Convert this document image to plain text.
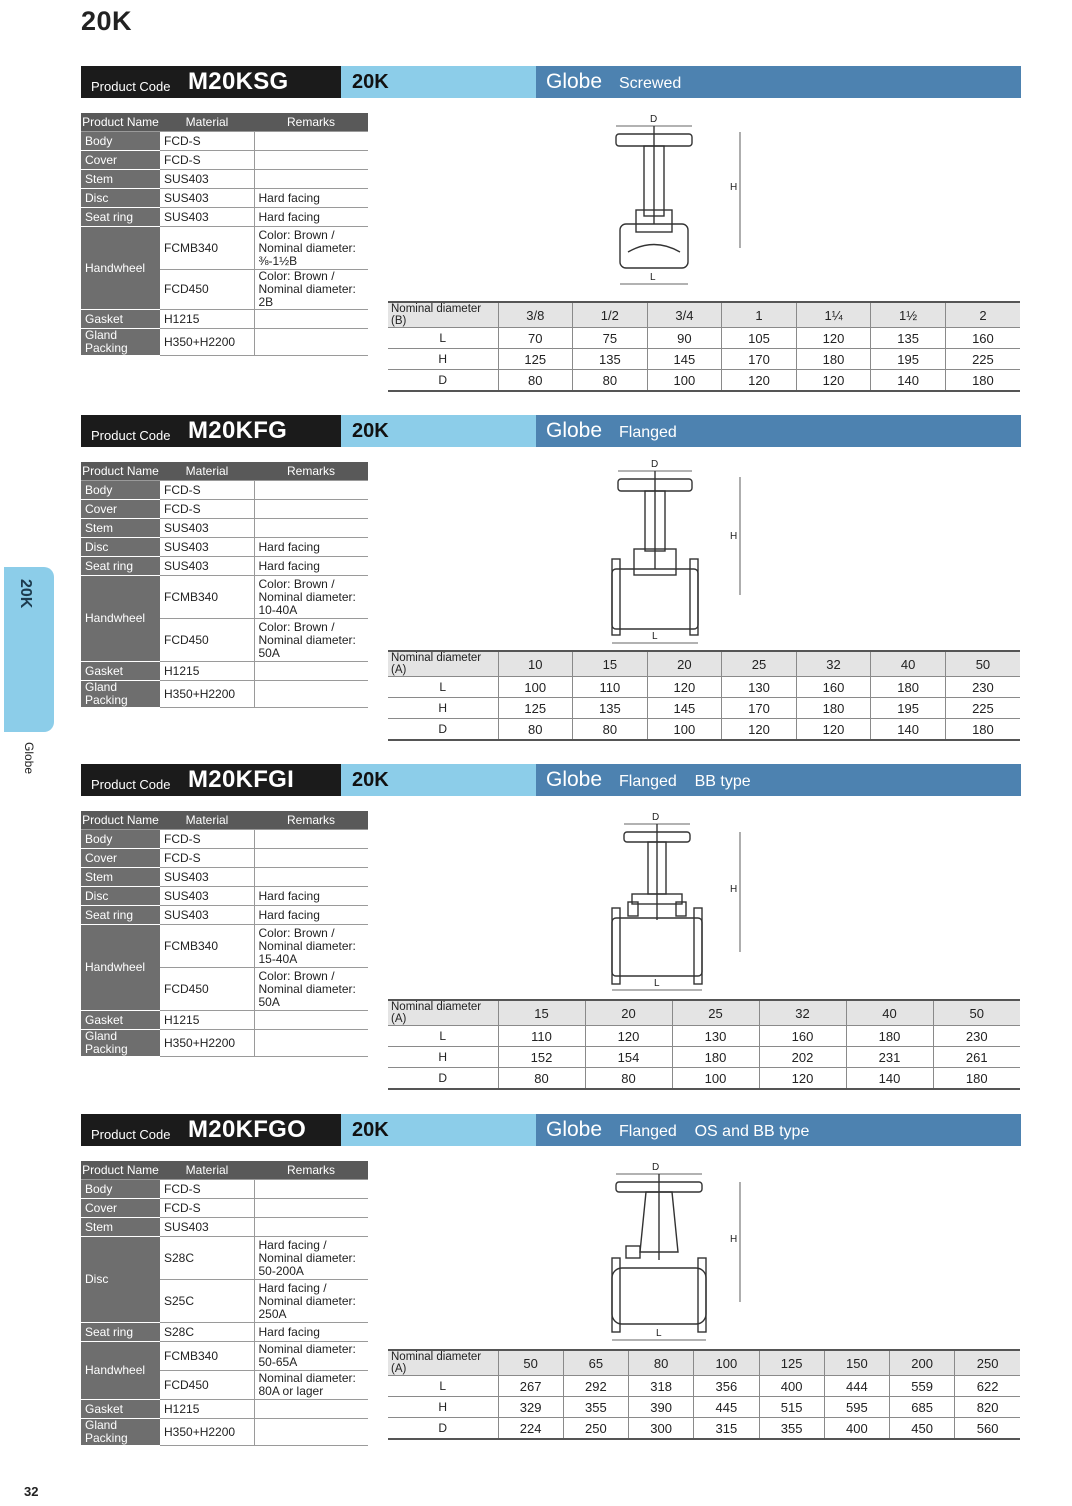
20K
20K
Globe
32
Product Code M20KSG	20K	Globe Screwed
Product Name	Material	Remarks
Body	FCD-S	
Cover	FCD-S	
Stem	SUS403	
Disc	SUS403	Hard facing
Seat ring	SUS403	Hard facing
Handwheel	FCMB340	Color: Brown / Nominal diameter: ⅜-1½B
	FCD450	Color: Brown / Nominal diameter: 2B
Gasket	H1215	
Gland Packing	H350+H2200	
D
L
H
Nominal diameter (B)	3/8	1/2	3/4	1	1¼	1½	2
L	70	75	90	105	120	135	160
H	125	135	145	170	180	195	225
D	80	80	100	120	120	140	180
Product Code M20KFG	20K	Globe Flanged
Product Name	Material	Remarks
Body	FCD-S	
Cover	FCD-S	
Stem	SUS403	
Disc	SUS403	Hard facing
Seat ring	SUS403	Hard facing
Handwheel	FCMB340	Color: Brown / Nominal diameter: 10-40A
	FCD450	Color: Brown / Nominal diameter: 50A
Gasket	H1215	
Gland Packing	H350+H2200	
D
L
H
Nominal diameter (A)	10	15	20	25	32	40	50
L	100	110	120	130	160	180	230
H	125	135	145	170	180	195	225
D	80	80	100	120	120	140	180
Product Code M20KFGI	20K	Globe Flanged    BB type
Product Name	Material	Remarks
Body	FCD-S	
Cover	FCD-S	
Stem	SUS403	
Disc	SUS403	Hard facing
Seat ring	SUS403	Hard facing
Handwheel	FCMB340	Color: Brown / Nominal diameter: 15-40A
	FCD450	Color: Brown / Nominal diameter: 50A
Gasket	H1215	
Gland Packing	H350+H2200	
D
L
H
Nominal diameter (A)	15	20	25	32	40	50
L	110	120	130	160	180	230
H	152	154	180	202	231	261
D	80	80	100	120	140	180
Product Code M20KFGO 20K	Globe Flanged    OS and BB type
Product Name	Material	Remarks
Body	FCD-S	
Cover	FCD-S	
Stem	SUS403	
Disc	S28C	Hard facing / Nominal diameter: 50-200A
	S25C	Hard facing / Nominal diameter: 250A
Seat ring	S28C	Hard facing
Handwheel	FCMB340	Nominal diameter: 50-65A
	FCD450	Nominal diameter: 80A or lager
Gasket	H1215	
Gland Packing	H350+H2200	
D
L
H
Nominal diameter (A)	50	65	80	100	125	150	200	250
L	267	292	318	356	400	444	559	622
H	329	355	390	445	515	595	685	820
D	224	250	300	315	355	400	450	560
